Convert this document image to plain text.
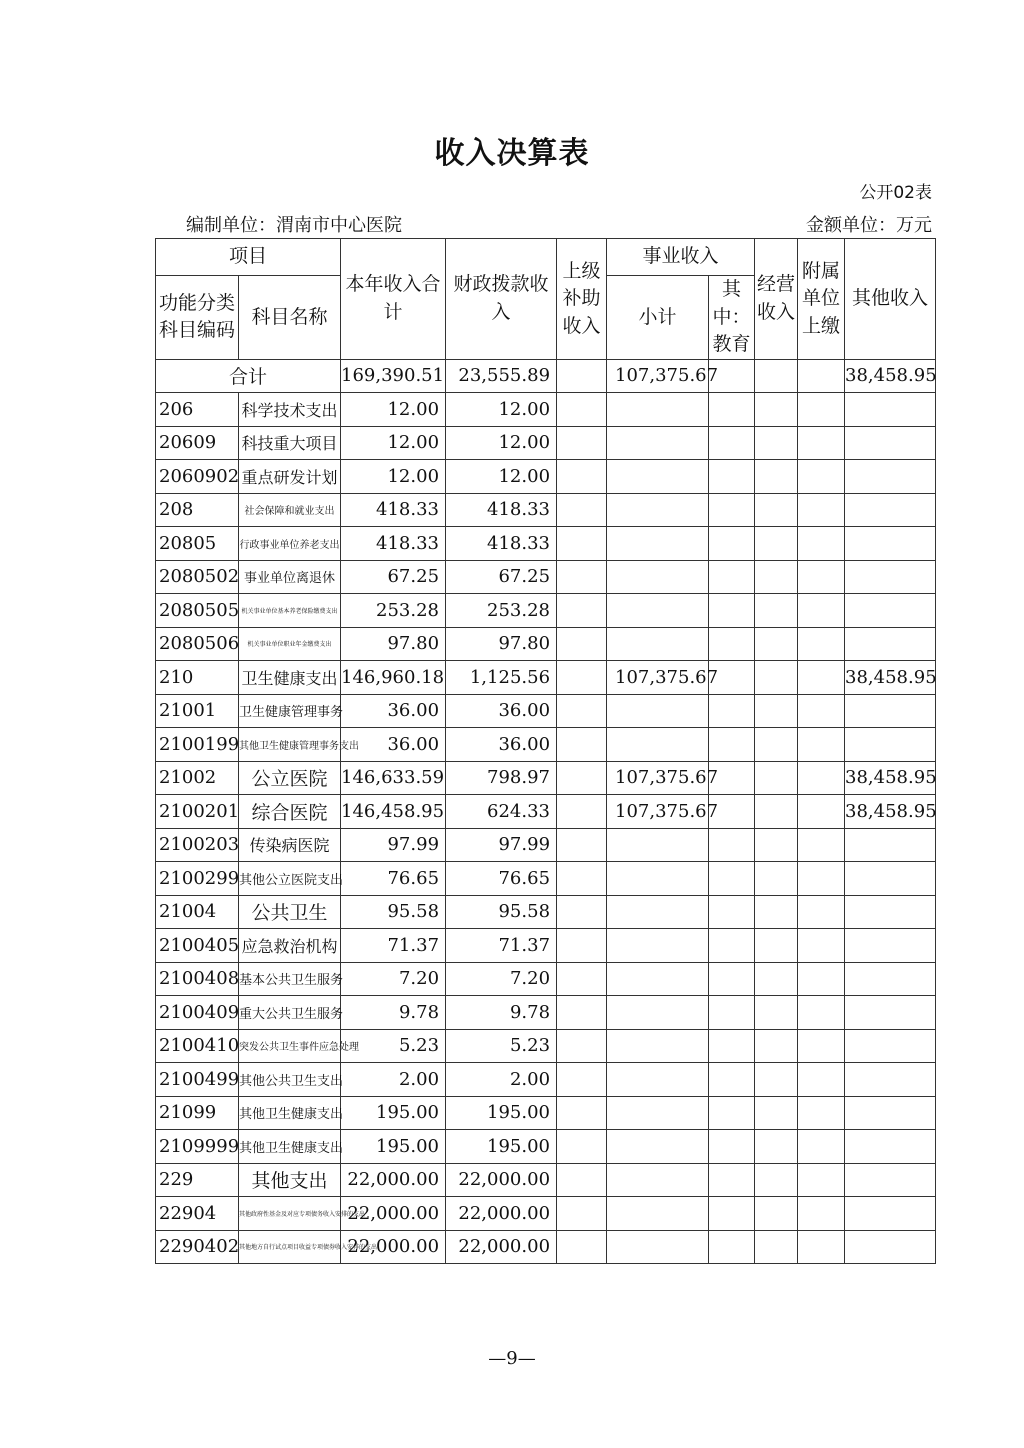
收入决算表
公开02表
编制单位：渭南市中心医院	金额单位：万元
项目		本年收入合计	财政拨款收入	上级补助收入	事业收入		经营收入	附属单位上缴	其他收入
功能分类科目编码	科目名称				小计	其中：教育			

合计		169,390.51	23,555.89		107,375.67				38,458.95
206	科学技术支出	12.00	12.00						
20609	科技重大项目	12.00	12.00						
2060902	重点研发计划	12.00	12.00						
208	社会保障和就业支出	418.33	418.33						
20805	行政事业单位养老支出	418.33	418.33						
2080502	事业单位离退休	67.25	67.25						
2080505	机关事业单位基本养老保险缴费支出	253.28	253.28						
2080506	机关事业单位职业年金缴费支出	97.80	97.80						
210	卫生健康支出	146,960.18	1,125.56		107,375.67				38,458.95
21001	卫生健康管理事务	36.00	36.00						
2100199	其他卫生健康管理事务支出	36.00	36.00						
21002	公立医院	146,633.59	798.97		107,375.67				38,458.95
2100201	综合医院	146,458.95	624.33		107,375.67				38,458.95
2100203	传染病医院	97.99	97.99						
2100299	其他公立医院支出	76.65	76.65						
21004	公共卫生	95.58	95.58						
2100405	应急救治机构	71.37	71.37						
2100408	基本公共卫生服务	7.20	7.20						
2100409	重大公共卫生服务	9.78	9.78						
2100410	突发公共卫生事件应急处理	5.23	5.23						
2100499	其他公共卫生支出	2.00	2.00						
21099	其他卫生健康支出	195.00	195.00						
2109999	其他卫生健康支出	195.00	195.00						
229	其他支出	22,000.00	22,000.00						
22904	其他政府性基金及对应专项债务收入安排的支出	22,000.00	22,000.00						
2290402	其他地方自行试点项目收益专项债券收入安排的支出	22,000.00	22,000.00						
—9—
